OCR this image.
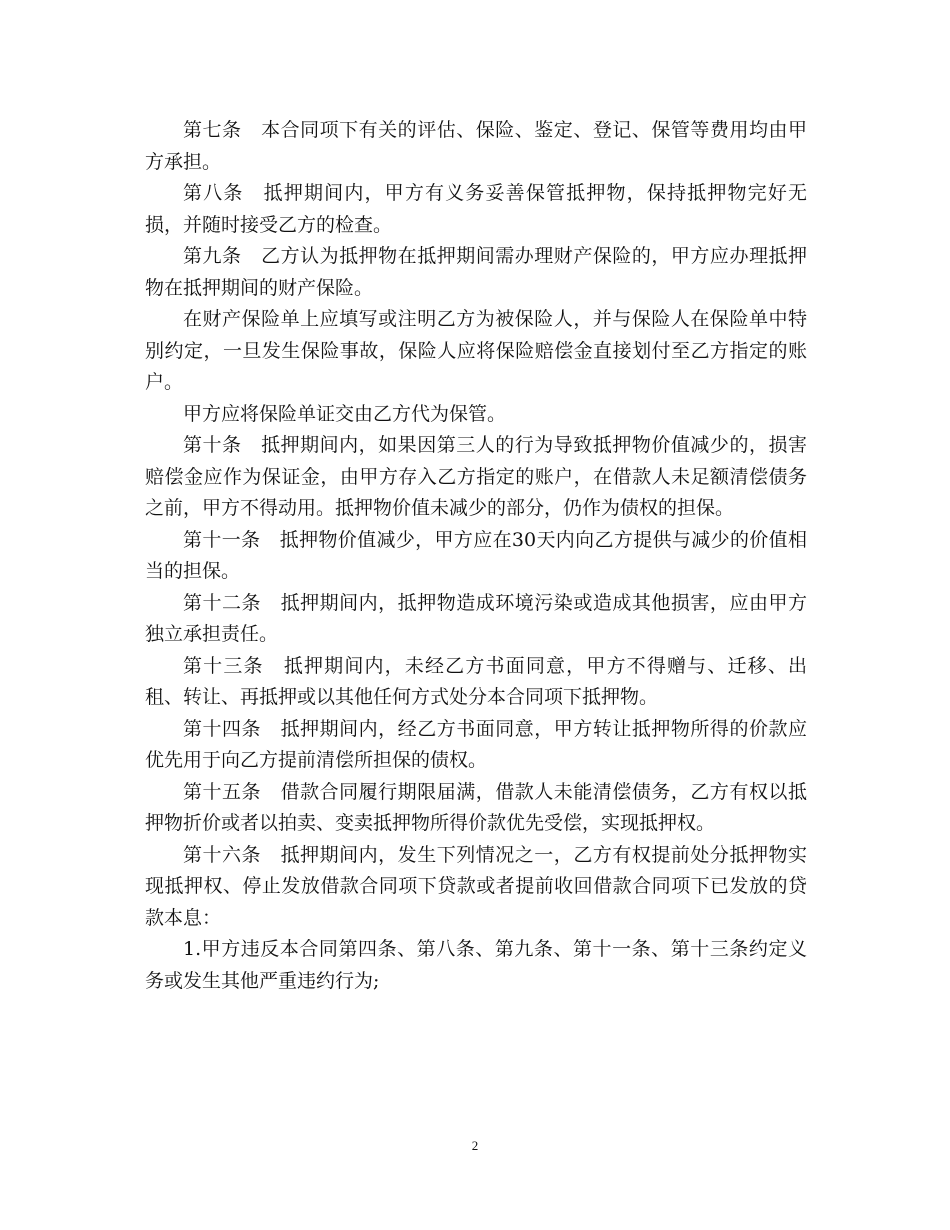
第七条　本合同项下有关的评估、保险、鉴定、登记、保管等费用均由甲方承担。

第八条　抵押期间内，甲方有义务妥善保管抵押物，保持抵押物完好无损，并随时接受乙方的检查。

第九条　乙方认为抵押物在抵押期间需办理财产保险的，甲方应办理抵押物在抵押期间的财产保险。

在财产保险单上应填写或注明乙方为被保险人，并与保险人在保险单中特别约定，一旦发生保险事故，保险人应将保险赔偿金直接划付至乙方指定的账户。

甲方应将保险单证交由乙方代为保管。

第十条　抵押期间内，如果因第三人的行为导致抵押物价值减少的，损害赔偿金应作为保证金，由甲方存入乙方指定的账户，在借款人未足额清偿债务之前，甲方不得动用。抵押物价值未减少的部分，仍作为债权的担保。

第十一条　抵押物价值减少，甲方应在30天内向乙方提供与减少的价值相当的担保。

第十二条　抵押期间内，抵押物造成环境污染或造成其他损害，应由甲方独立承担责任。

第十三条　抵押期间内，未经乙方书面同意，甲方不得赠与、迁移、出租、转让、再抵押或以其他任何方式处分本合同项下抵押物。

第十四条　抵押期间内，经乙方书面同意，甲方转让抵押物所得的价款应优先用于向乙方提前清偿所担保的债权。

第十五条　借款合同履行期限届满，借款人未能清偿债务，乙方有权以抵押物折价或者以拍卖、变卖抵押物所得价款优先受偿，实现抵押权。

第十六条　抵押期间内，发生下列情况之一，乙方有权提前处分抵押物实现抵押权、停止发放借款合同项下贷款或者提前收回借款合同项下已发放的贷款本息：

1.甲方违反本合同第四条、第八条、第九条、第十一条、第十三条约定义务或发生其他严重违约行为;

2
